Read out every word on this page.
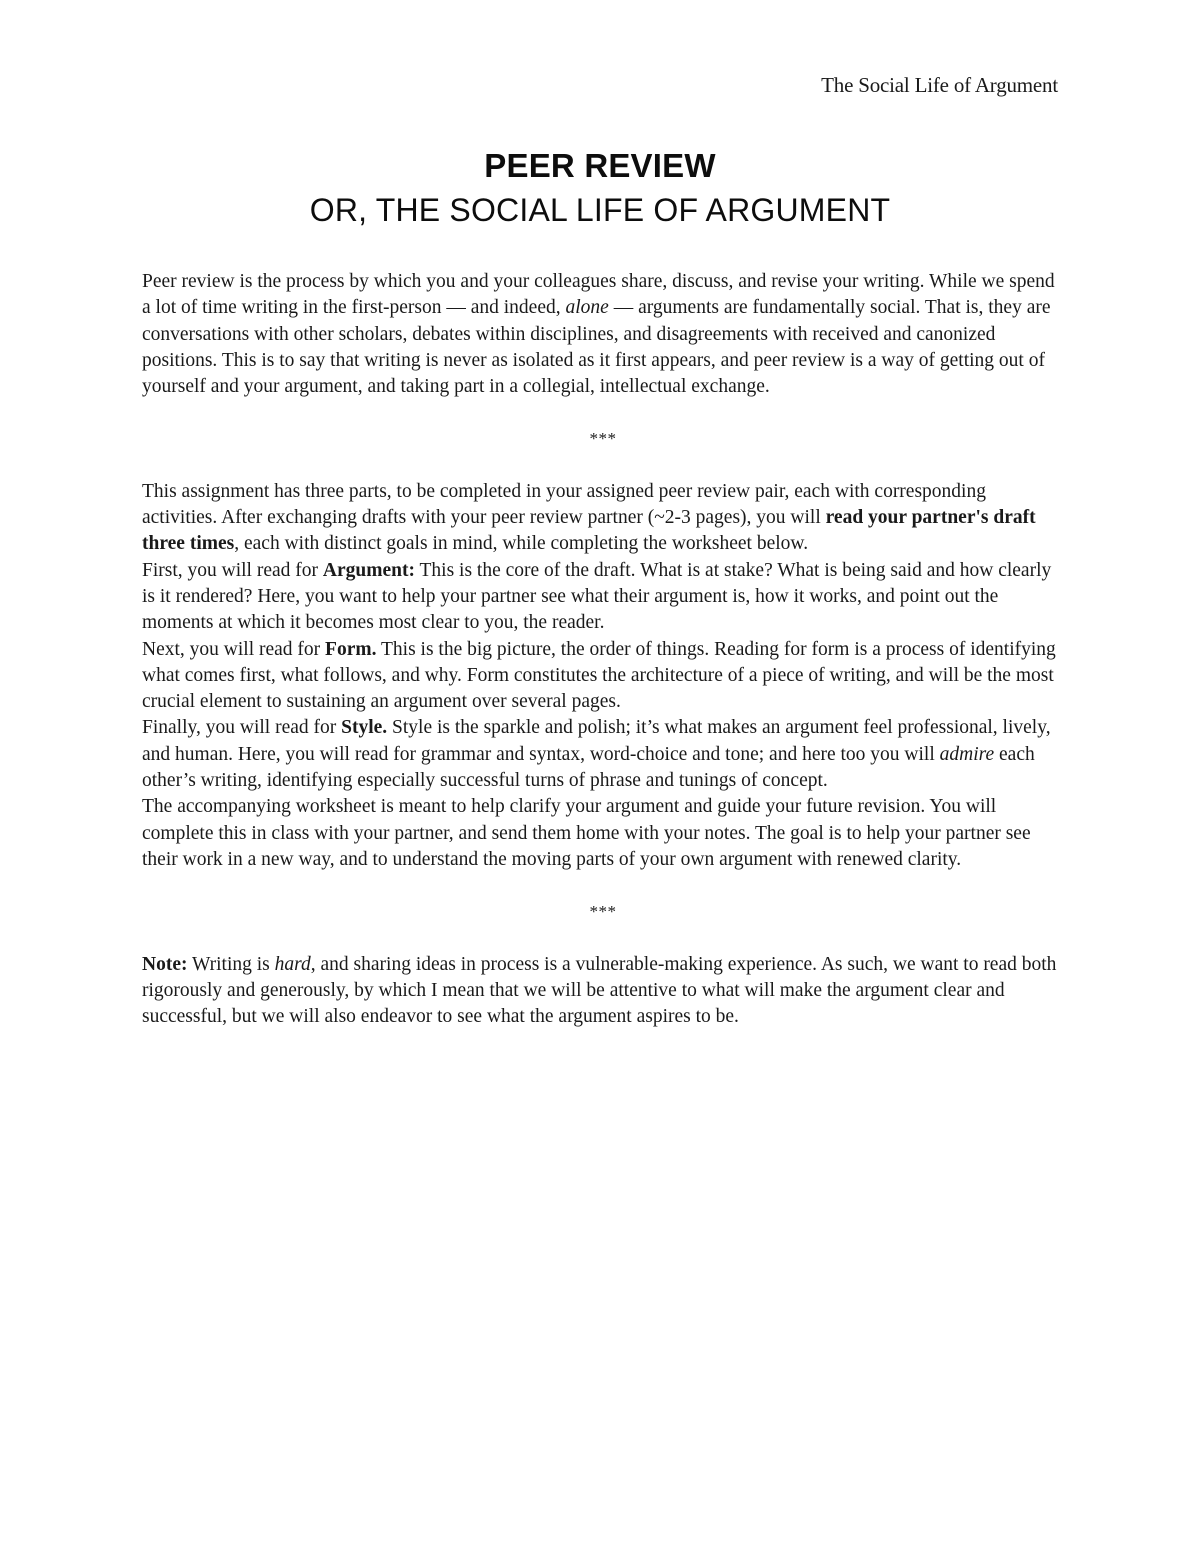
The Social Life of Argument
PEER REVIEW
OR, THE SOCIAL LIFE OF ARGUMENT

Peer review is the process by which you and your colleagues share, discuss, and revise your writing. While we spend a lot of time writing in the first-person — and indeed, alone — arguments are fundamentally social. That is, they are conversations with other scholars, debates within disciplines, and disagreements with received and canonized positions. This is to say that writing is never as isolated as it first appears, and peer review is a way of getting out of yourself and your argument, and taking part in a collegial, intellectual exchange.

***

This assignment has three parts, to be completed in your assigned peer review pair, each with corresponding activities. After exchanging drafts with your peer review partner (~2-3 pages), you will read your partner's draft three times, each with distinct goals in mind, while completing the worksheet below.

First, you will read for Argument: This is the core of the draft. What is at stake? What is being said and how clearly is it rendered? Here, you want to help your partner see what their argument is, how it works, and point out the moments at which it becomes most clear to you, the reader.

Next, you will read for Form. This is the big picture, the order of things. Reading for form is a process of identifying what comes first, what follows, and why. Form constitutes the architecture of a piece of writing, and will be the most crucial element to sustaining an argument over several pages.

Finally, you will read for Style. Style is the sparkle and polish; it’s what makes an argument feel professional, lively, and human. Here, you will read for grammar and syntax, word-choice and tone; and here too you will admire each other’s writing, identifying especially successful turns of phrase and tunings of concept.

The accompanying worksheet is meant to help clarify your argument and guide your future revision. You will complete this in class with your partner, and send them home with your notes. The goal is to help your partner see their work in a new way, and to understand the moving parts of your own argument with renewed clarity.

***

Note: Writing is hard, and sharing ideas in process is a vulnerable-making experience. As such, we want to read both rigorously and generously, by which I mean that we will be attentive to what will make the argument clear and successful, but we will also endeavor to see what the argument aspires to be.
